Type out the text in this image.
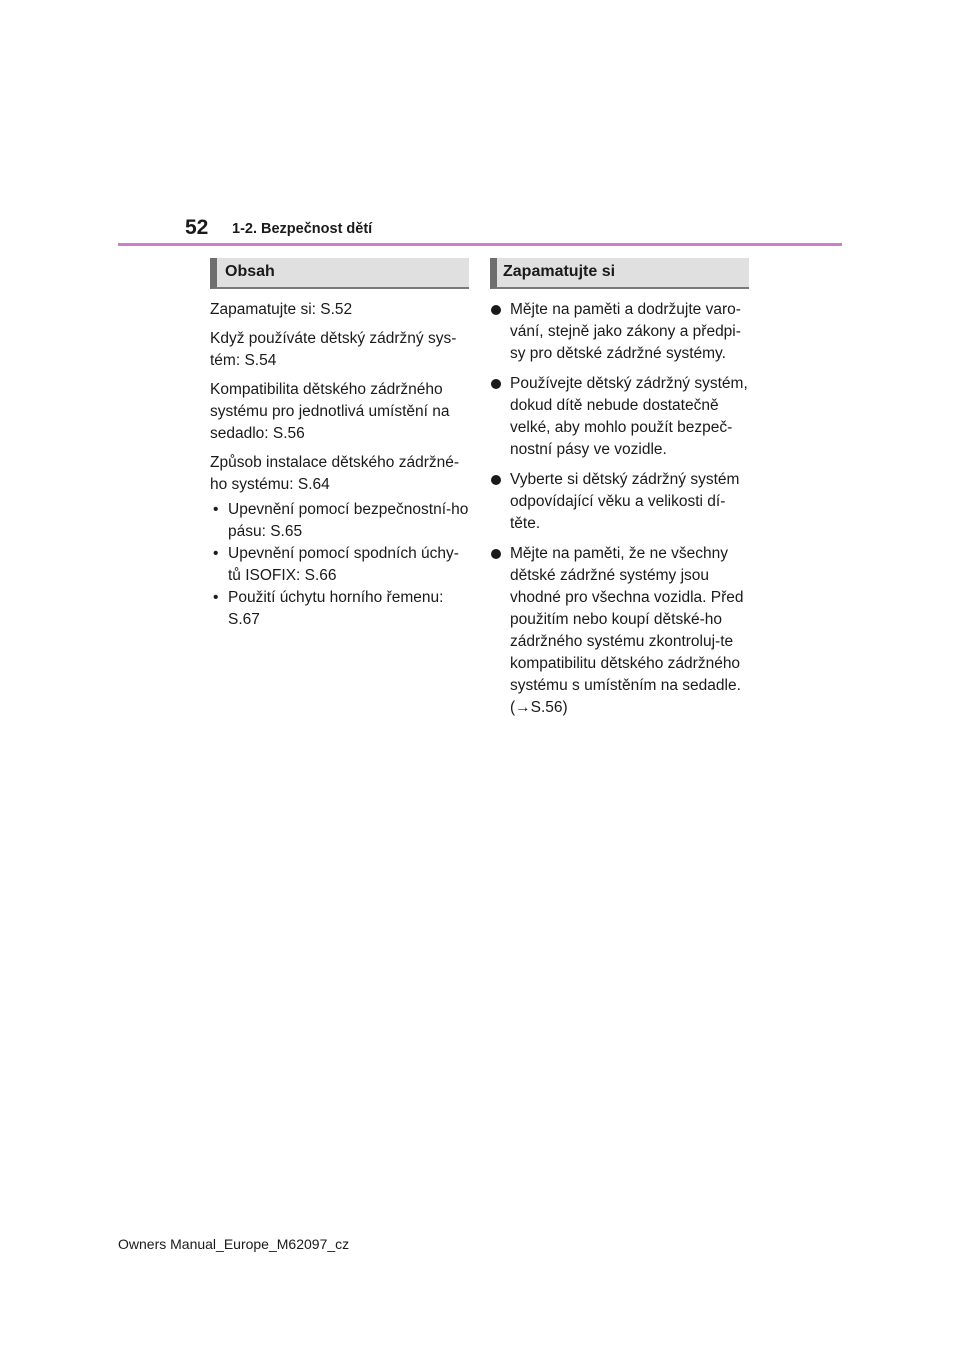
52 1-2. Bezpečnost dětí
Obsah

Zapamatujte si: S.52

Když používáte dětský zádržný sys-tém: S.54

Kompatibilita dětského zádržného systému pro jednotlivá umístění na sedadlo: S.56

Způsob instalace dětského zádržné-ho systému: S.64

• Upevnění pomocí bezpečnostní-ho pásu: S.65
• Upevnění pomocí spodních úchy-tů ISOFIX: S.66
• Použití úchytu horního řemenu: S.67
Zapamatujte si
Mějte na paměti a dodržujte varo-vání, stejně jako zákony a předpi-sy pro dětské zádržné systémy.
Používejte dětský zádržný systém, dokud dítě nebude dostatečně velké, aby mohlo použít bezpeč-nostní pásy ve vozidle.
Vyberte si dětský zádržný systém odpovídající věku a velikosti dí-těte.
Mějte na paměti, že ne všechny dětské zádržné systémy jsou vhodné pro všechna vozidla. Před použitím nebo koupí dětské-ho zádržného systému zkontroluj-te kompatibilitu dětského zádržného systému s umístěním na sedadle. (→S.56)
Owners Manual_Europe_M62097_cz
